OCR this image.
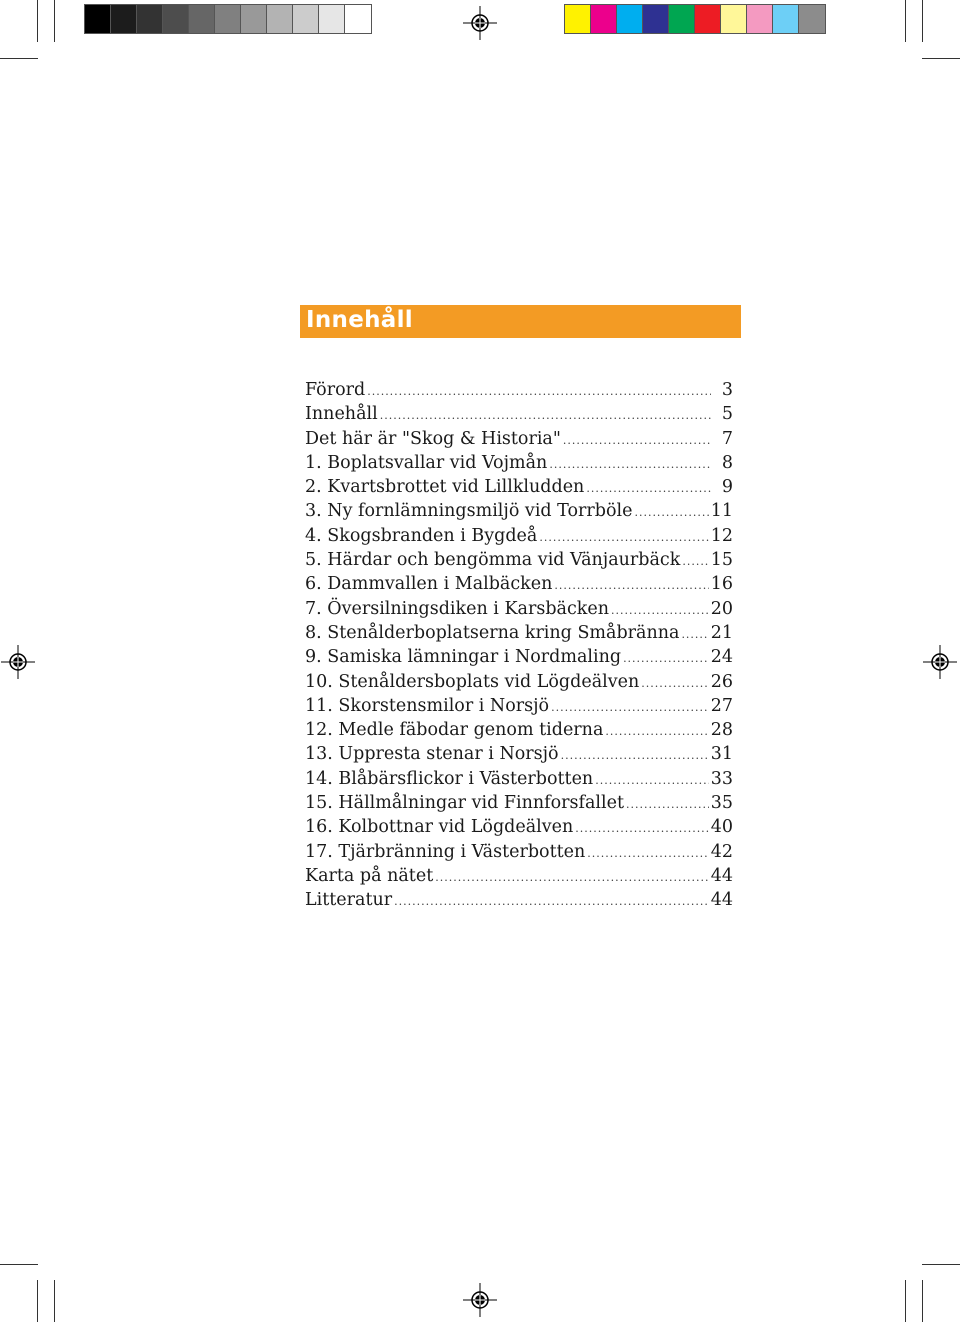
Innehåll
Förord .....	3
Innehåll .....	5
Det här är "Skog & Historia" .....	7
1. Boplatsvallar vid Vojmån .....	8
2. Kvartsbrottet vid Lillkludden .....	9
3. Ny fornlämningsmiljö vid Torrböle .....	11
4. Skogsbranden i Bygdeå .....	12
5. Härdar och bengömma vid Vänjaurbäck ..... 15
6. Dammvallen i Malbäcken .....	16
7. Översilningsdiken i Karsbäcken .....	20
8. Stenålderboplatserna kring Småbränna ..... 21
9. Samiska lämningar i Nordmaling .....	24
10. Stenåldersboplats vid Lögdeälven .....	26
11. Skorstensmilor i Norsjö .....	27
12. Medle fäbodar genom tiderna .....	28
13. Uppresta stenar i Norsjö .....	31
14. Blåbärsflickor i Västerbotten .....	33
15. Hällmålningar vid Finnforsfallet .....	35
16. Kolbottnar vid Lögdeälven .....	40
17. Tjärbränning i Västerbotten .....	42
Karta på nätet .....	44
Litteratur .....	44
